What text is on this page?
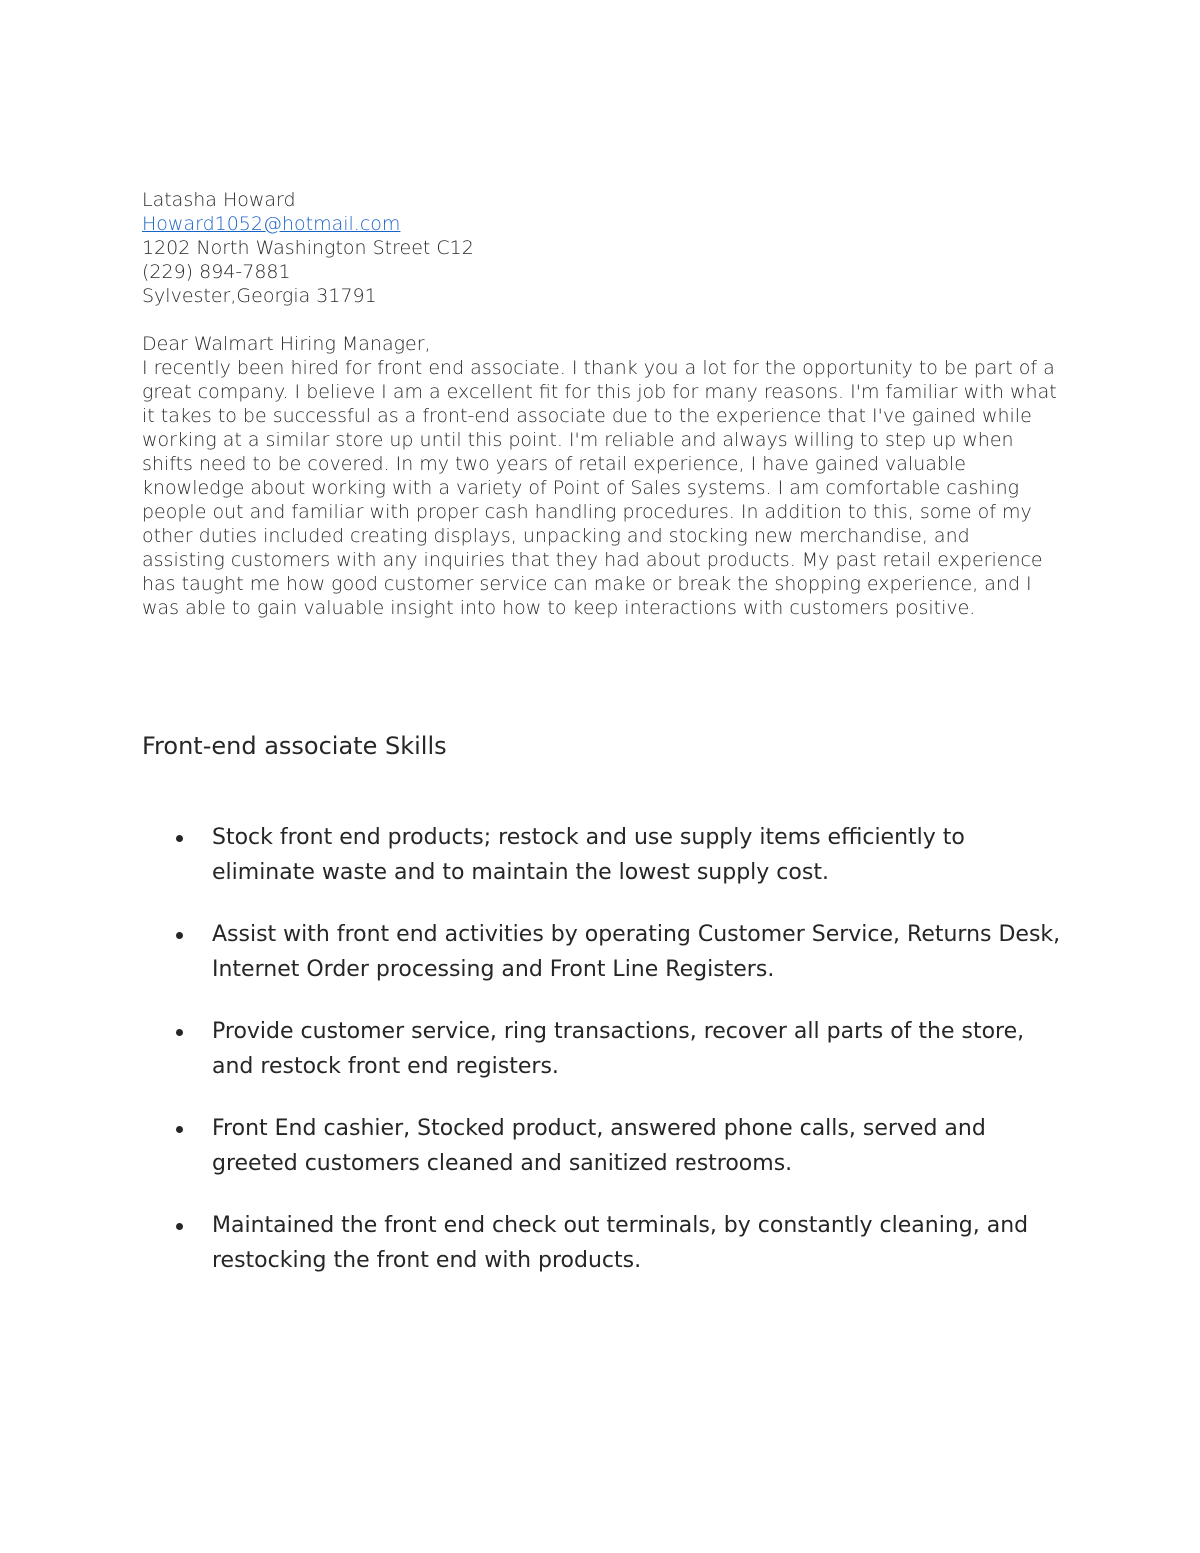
Latasha Howard
Howard1052@hotmail.com
1202 North Washington Street C12
(229) 894-7881
Sylvester,Georgia 31791
Dear Walmart Hiring Manager,
I recently been hired for front end associate. I thank you a lot for the opportunity to be part of a great company. I believe I am a excellent fit for this job for many reasons. I'm familiar with what it takes to be successful as a front-end associate due to the experience that I've gained while working at a similar store up until this point. I'm reliable and always willing to step up when shifts need to be covered. In my two years of retail experience, I have gained valuable knowledge about working with a variety of Point of Sales systems. I am comfortable cashing people out and familiar with proper cash handling procedures. In addition to this, some of my other duties included creating displays, unpacking and stocking new merchandise, and assisting customers with any inquiries that they had about products. My past retail experience has taught me how good customer service can make or break the shopping experience, and I was able to gain valuable insight into how to keep interactions with customers positive.
Front-end associate Skills
Stock front end products; restock and use supply items efficiently to eliminate waste and to maintain the lowest supply cost.
Assist with front end activities by operating Customer Service, Returns Desk, Internet Order processing and Front Line Registers.
Provide customer service, ring transactions, recover all parts of the store, and restock front end registers.
Front End cashier, Stocked product, answered phone calls, served and greeted customers cleaned and sanitized restrooms.
Maintained the front end check out terminals, by constantly cleaning, and restocking the front end with products.
